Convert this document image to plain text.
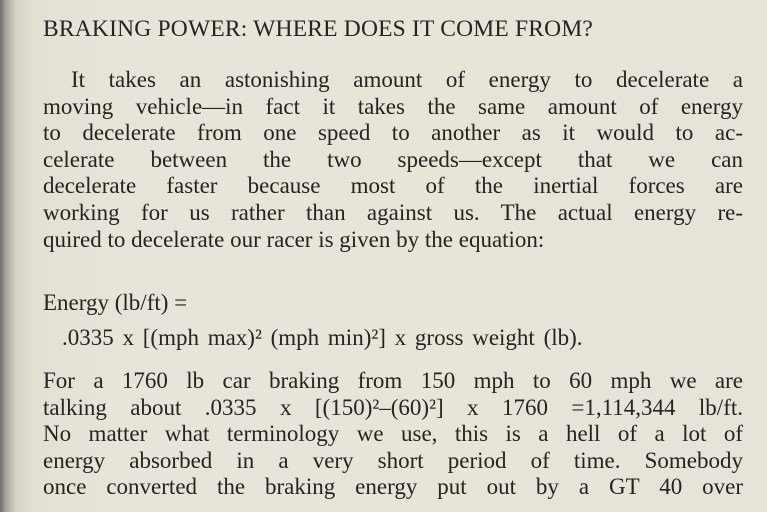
BRAKING POWER: WHERE DOES IT COME FROM?

It takes an astonishing amount of energy to decelerate a
moving vehicle—in fact it takes the same amount of energy
to decelerate from one speed to another as it would to ac-
celerate between the two speeds—except that we can
decelerate faster because most of the inertial forces are
working for us rather than against us. The actual energy re-
quired to decelerate our racer is given by the equation:

Energy (lb/ft) =
.0335 x [(mph max)² (mph min)²] x gross weight (lb).

For a 1760 lb car braking from 150 mph to 60 mph we are
talking about .0335 x [(150)²–(60)²] x 1760 =1,114,344 lb/ft.
No matter what terminology we use, this is a hell of a lot of
energy absorbed in a very short period of time. Somebody
once converted the braking energy put out by a GT 40 over
